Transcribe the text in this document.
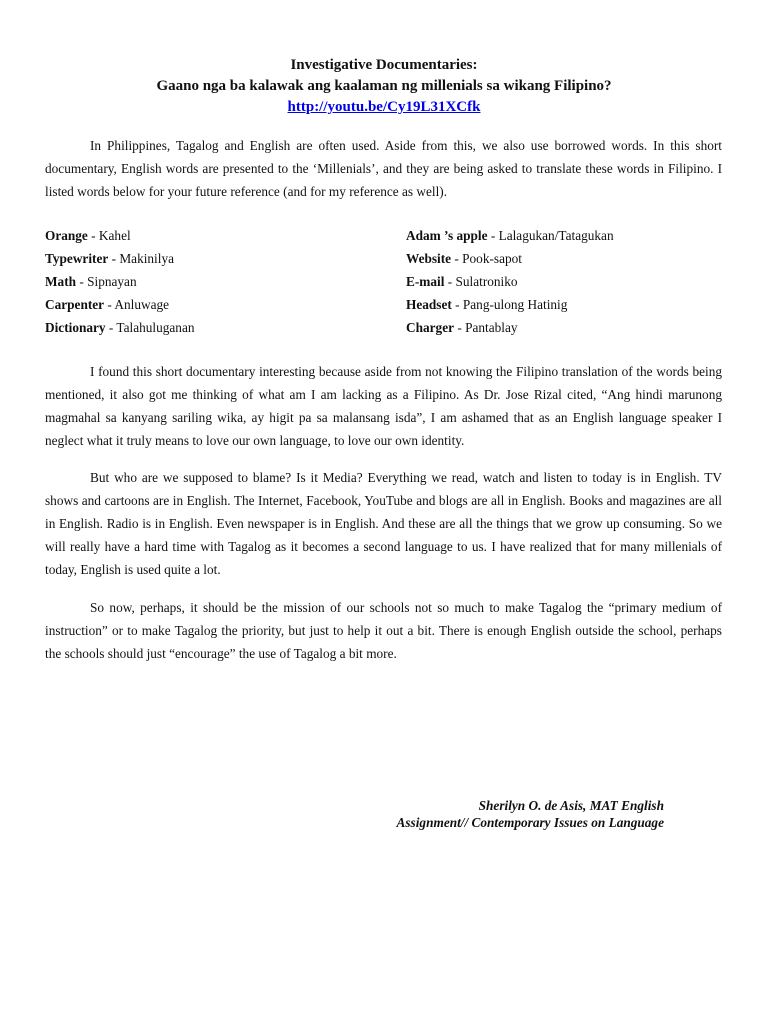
Investigative Documentaries:
Gaano nga ba kalawak ang kaalaman ng millenials sa wikang Filipino?
http://youtu.be/Cy19L31XCfk

In Philippines, Tagalog and English are often used. Aside from this, we also use borrowed words. In this short documentary, English words are presented to the ‘Millenials’, and they are being asked to translate these words in Filipino. I listed words below for your future reference (and for my reference as well).

Orange - Kahel
Typewriter - Makinilya
Math - Sipnayan
Carpenter - Anluwage
Dictionary - Talahuluganan
Adam ’s apple - Lalagukan/Tatagukan
Website - Pook-sapot
E-mail - Sulatroniko
Headset - Pang-ulong Hatinig
Charger - Pantablay

I found this short documentary interesting because aside from not knowing the Filipino translation of the words being mentioned, it also got me thinking of what am I am lacking as a Filipino. As Dr. Jose Rizal cited, “Ang hindi marunong magmahal sa kanyang sariling wika, ay higit pa sa malansang isda”, I am ashamed that as an English language speaker I neglect what it truly means to love our own language, to love our own identity.

But who are we supposed to blame? Is it Media? Everything we read, watch and listen to today is in English. TV shows and cartoons are in English. The Internet, Facebook, YouTube and blogs are all in English. Books and magazines are all in English. Radio is in English. Even newspaper is in English. And these are all the things that we grow up consuming. So we will really have a hard time with Tagalog as it becomes a second language to us. I have realized that for many millenials of today, English is used quite a lot.

So now, perhaps, it should be the mission of our schools not so much to make Tagalog the “primary medium of instruction” or to make Tagalog the priority, but just to help it out a bit. There is enough English outside the school, perhaps the schools should just “encourage” the use of Tagalog a bit more.

Sherilyn O. de Asis, MAT English
Assignment// Contemporary Issues on Language
